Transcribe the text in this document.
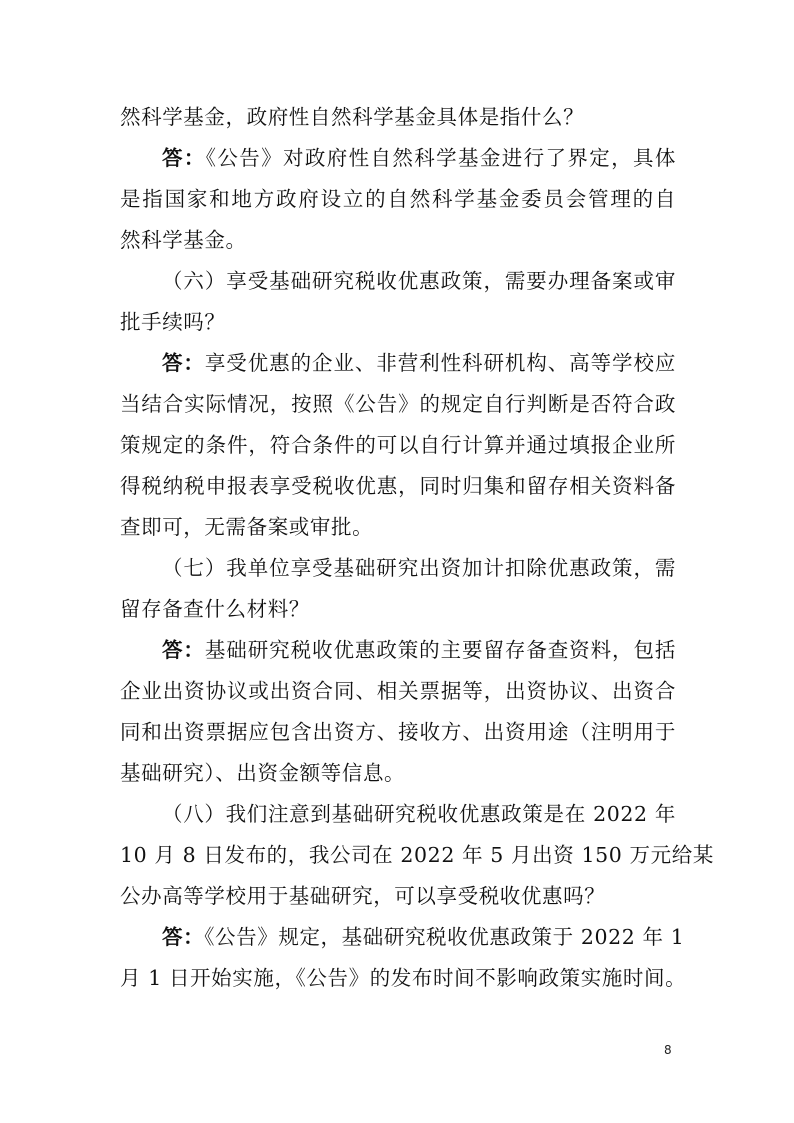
然科学基金，政府性自然科学基金具体是指什么？
答：《公告》对政府性自然科学基金进行了界定，具体
是指国家和地方政府设立的自然科学基金委员会管理的自
然科学基金。
（六）享受基础研究税收优惠政策，需要办理备案或审
批手续吗？
答：享受优惠的企业、非营利性科研机构、高等学校应
当结合实际情况，按照《公告》的规定自行判断是否符合政
策规定的条件，符合条件的可以自行计算并通过填报企业所
得税纳税申报表享受税收优惠，同时归集和留存相关资料备
查即可，无需备案或审批。
（七）我单位享受基础研究出资加计扣除优惠政策，需
留存备查什么材料？
答：基础研究税收优惠政策的主要留存备查资料，包括
企业出资协议或出资合同、相关票据等，出资协议、出资合
同和出资票据应包含出资方、接收方、出资用途（注明用于
基础研究）、出资金额等信息。
（八）我们注意到基础研究税收优惠政策是在 2022 年
10 月 8 日发布的，我公司在 2022 年 5 月出资 150 万元给某
公办高等学校用于基础研究，可以享受税收优惠吗？
答：《公告》规定，基础研究税收优惠政策于 2022 年 1
月 1 日开始实施，《公告》的发布时间不影响政策实施时间。
8
